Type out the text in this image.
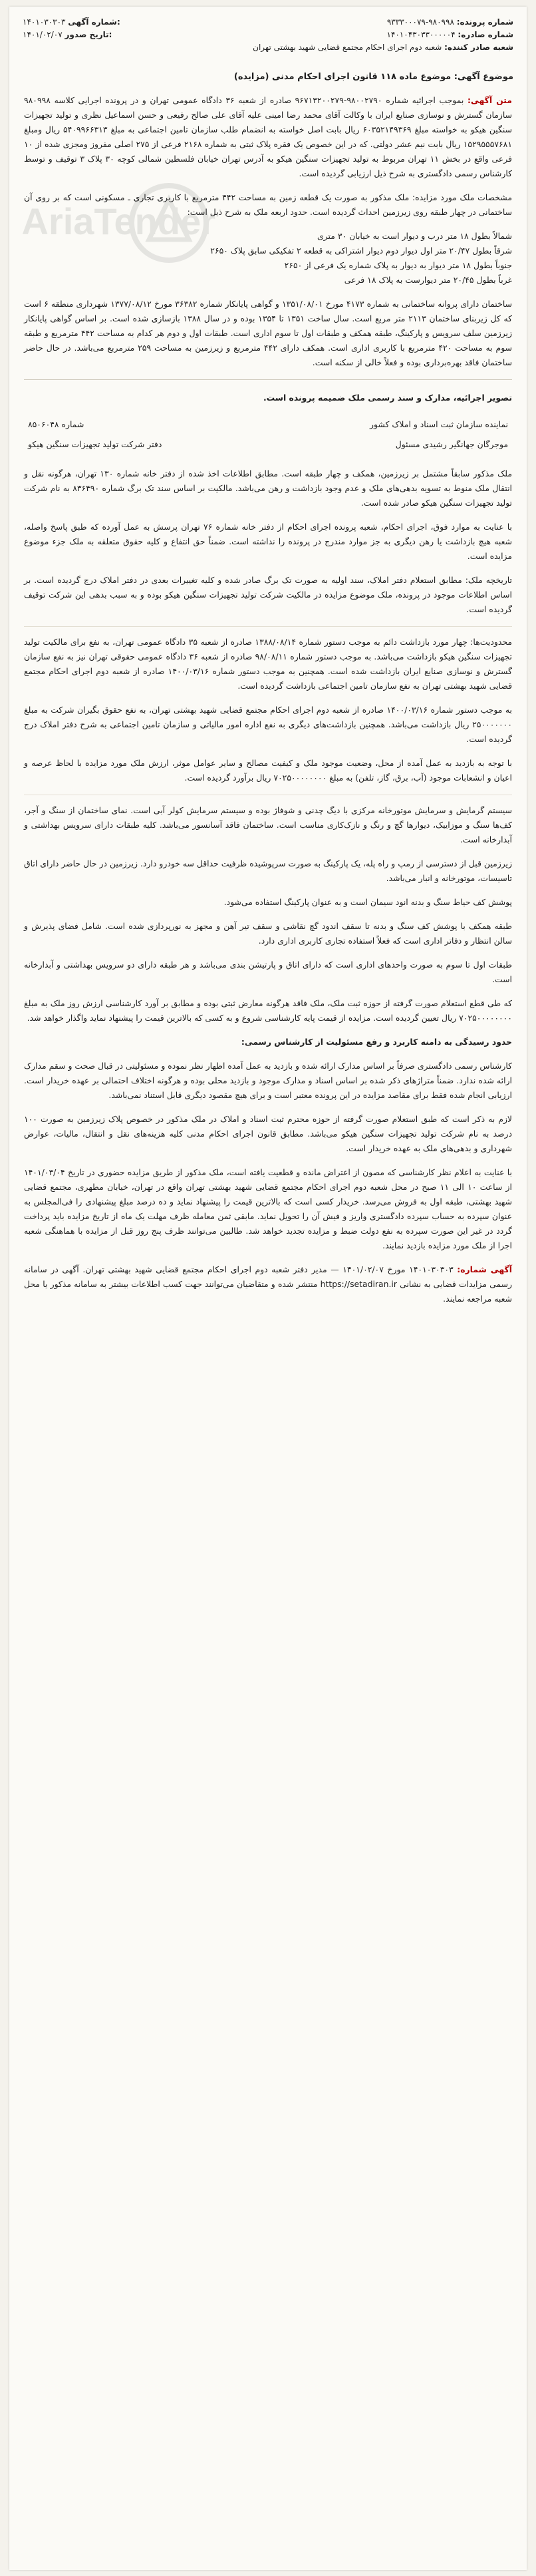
شماره پرونده: ۹۸۰۹۹۸-۹۳۳۳۰۰۰۷۹
شماره صادره: ۱۴۰۱۰۴۳۰۳۳۰۰۰۰۰۴
شعبه صادر کننده: شعبه دوم اجرای احکام مجتمع قضایی شهید بهشتی تهران
۱۴۰۱۰۳۰۳۰۳ شماره آگهی:
۱۴۰۱/۰۲/۰۷ تاریخ صدور:
موضوع آگهی: موضوع ماده ۱۱۸ قانون اجرای احکام مدنی (مزایده)
AriaTender

متن آگهی: بموجب اجرائیه شماره ۹۸۰۰۲۷۹۰-۹۶۷۱۳۲۰۰۲۷۹ صادره از شعبه ۳۶ دادگاه عمومی تهران و در پرونده اجرایی کلاسه ۹۸۰۹۹۸ سازمان گسترش و نوسازی صنایع ایران با وکالت آقای محمد رضا امینی علیه آقای علی صالح رفیعی و حسن اسماعیل نظری و تولید تجهیزات سنگین هیکو به خواسته مبلغ ۶۰۳۵۲۱۴۹۳۶۹ ریال بابت اصل خواسته به انضمام طلب سازمان تامین اجتماعی به مبلغ ۵۴۰۹۹۶۶۳۱۳ ریال ومبلغ ۱۵۲۹۵۵۵۷۶۸۱ ریال بابت نیم عشر دولتی. که در این خصوص یک فقره پلاک ثبتی به شماره ۲۱۶۸ فرعی از ۲۷۵ اصلی مفروز ومجزی شده از ۱۰ فرعی واقع در بخش ۱۱ تهران مربوط به تولید تجهیزات سنگین هیکو به آدرس تهران خیابان فلسطین شمالی کوچه ۳۰ پلاک ۳ توقیف و توسط کارشناس رسمی دادگستری به شرح ذیل ارزیابی گردیده است.

مشخصات ملک مورد مزایده: ملک مذکور به صورت یک قطعه زمین به مساحت ۴۴۲ مترمربع با کاربری تجاری ـ مسکونی است که بر روی آن ساختمانی در چهار طبقه روی زیرزمین احداث گردیده است. حدود اربعه ملک به شرح ذیل است:

شمالاً بطول ۱۸ متر درب و دیوار است به خیابان ۳۰ متری
شرقاً بطول ۲۰/۴۷ متر اول دیوار دوم دیوار اشتراکی به قطعه ۲ تفکیکی سابق پلاک ۲۶۵۰
جنوباً بطول ۱۸ متر دیوار به دیوار به پلاک شماره یک فرعی از ۲۶۵۰
غرباً بطول ۲۰/۴۵ متر دیوارست به پلاک ۱۸ فرعی

ساختمان دارای پروانه ساختمانی به شماره ۴۱۷۳ مورخ ۱۳۵۱/۰۸/۰۱ و گواهی پایانکار شماره ۳۶۳۸۲ مورخ ۱۳۷۷/۰۸/۱۲ شهرداری منطقه ۶ است که کل زیربنای ساختمان ۲۱۱۳ متر مربع است. سال ساخت ۱۳۵۱ تا ۱۳۵۴ بوده و در سال ۱۳۸۸ بازسازی شده است. بر اساس گواهی پایانکار زیرزمین سلف سرویس و پارکینگ، طبقه همکف و طبقات اول تا سوم اداری است. طبقات اول و دوم هر کدام به مساحت ۴۴۲ مترمربع و طبقه سوم به مساحت ۴۲۰ مترمربع با کاربری اداری است. همکف دارای ۴۴۲ مترمربع و زیرزمین به مساحت ۲۵۹ مترمربع می‌باشد. در حال حاضر ساختمان فاقد بهره‌برداری بوده و فعلاً خالی از سکنه است.

تصویر اجرائیه، مدارک و سند رسمی ملک ضمیمه پرونده است.

نماینده سازمان ثبت اسناد و املاک کشور	شماره ۸۵۰۶۰۴۸
موجرگان جهانگیر رشیدی مسئول	دفتر شرکت تولید تجهیزات سنگین هیکو

ملک مذکور سابقاً مشتمل بر زیرزمین، همکف و چهار طبقه است. مطابق اطلاعات اخذ شده از دفتر خانه شماره ۱۳۰ تهران، هرگونه نقل و انتقال ملک منوط به تسویه بدهی‌های ملک و عدم وجود بازداشت و رهن می‌باشد. مالکیت بر اساس سند تک برگ شماره ۸۳۶۴۹۰ به نام شرکت تولید تجهیزات سنگین هیکو صادر شده است.

با عنایت به موارد فوق، اجرای احکام، شعبه پرونده اجرای احکام از دفتر خانه شماره ۷۶ تهران پرسش به عمل آورده که طبق پاسخ واصله، شعبه هیچ بازداشت یا رهن دیگری به جز موارد مندرج در پرونده را نداشته است. ضمناً حق انتفاع و کلیه حقوق متعلقه به ملک جزء موضوع مزایده است.

تاریخچه ملک: مطابق استعلام دفتر املاک، سند اولیه به صورت تک برگ صادر شده و کلیه تغییرات بعدی در دفتر املاک درج گردیده است. بر اساس اطلاعات موجود در پرونده، ملک موضوع مزایده در مالکیت شرکت تولید تجهیزات سنگین هیکو بوده و به سبب بدهی این شرکت توقیف گردیده است.

محدودیت‌ها: چهار مورد بازداشت دائم به موجب دستور شماره ۱۳۸۸/۰۸/۱۴ صادره از شعبه ۳۵ دادگاه عمومی تهران، به نفع برای مالکیت تولید تجهیزات سنگین هیکو بازداشت می‌باشد. به موجب دستور شماره ۹۸/۰۸/۱۱ صادره از شعبه ۳۶ دادگاه عمومی حقوقی تهران نیز به نفع سازمان گسترش و نوسازی صنایع ایران بازداشت شده است. همچنین به موجب دستور شماره ۱۴۰۰/۰۳/۱۶ صادره از شعبه دوم اجرای احکام مجتمع قضایی شهید بهشتی تهران به نفع سازمان تامین اجتماعی بازداشت گردیده است.

به موجب دستور شماره ۱۴۰۰/۰۳/۱۶ صادره از شعبه دوم اجرای احکام مجتمع قضایی شهید بهشتی تهران، به نفع حقوق بگیران شرکت به مبلغ ۲۵۰۰۰۰۰۰۰ ریال بازداشت می‌باشد. همچنین بازداشت‌های دیگری به نفع اداره امور مالیاتی و سازمان تامین اجتماعی به شرح دفتر املاک درج گردیده است.

با توجه به بازدید به عمل آمده از محل، وضعیت موجود ملک و کیفیت مصالح و سایر عوامل موثر، ارزش ملک مورد مزایده با لحاظ عرصه و اعیان و انشعابات موجود (آب، برق، گاز، تلفن) به مبلغ ۷۰۲۵۰۰۰۰۰۰۰۰ ریال برآورد گردیده است.

سیستم گرمایش و سرمایش موتورخانه مرکزی با دیگ چدنی و شوفاژ بوده و سیستم سرمایش کولر آبی است. نمای ساختمان از سنگ و آجر، کف‌ها سنگ و موزاییک، دیوارها گچ و رنگ و نازک‌کاری مناسب است. ساختمان فاقد آسانسور می‌باشد. کلیه طبقات دارای سرویس بهداشتی و آبدارخانه است.

زیرزمین قبل از دسترسی از رمپ و راه پله، یک پارکینگ به صورت سرپوشیده ظرفیت حداقل سه خودرو دارد. زیرزمین در حال حاضر دارای اتاق تاسیسات، موتورخانه و انبار می‌باشد.

پوشش کف حیاط سنگ و بدنه انود سیمان است و به عنوان پارکینگ استفاده می‌شود.

طبقه همکف با پوشش کف سنگ و بدنه تا سقف اندود گچ نقاشی و سقف تیر آهن و مجهز به نورپردازی شده است. شامل فضای پذیرش و سالن انتظار و دفاتر اداری است که فعلاً استفاده تجاری کاربری اداری دارد.

طبقات اول تا سوم به صورت واحدهای اداری است که دارای اتاق و پارتیشن بندی می‌باشد و هر طبقه دارای دو سرویس بهداشتی و آبدارخانه است.

که طی قطع استعلام صورت گرفته از حوزه ثبت ملک، ملک فاقد هرگونه معارض ثبتی بوده و مطابق بر آورد کارشناسی ارزش روز ملک به مبلغ ۷۰۲۵۰۰۰۰۰۰۰۰ ریال تعیین گردیده است. مزایده از قیمت پایه کارشناسی شروع و به کسی که بالاترین قیمت را پیشنهاد نماید واگذار خواهد شد.

حدود رسیدگی به دامنه کاربرد و رفع مسئولیت از کارشناس رسمی:

کارشناس رسمی دادگستری صرفاً بر اساس مدارک ارائه شده و بازدید به عمل آمده اظهار نظر نموده و مسئولیتی در قبال صحت و سقم مدارک ارائه شده ندارد. ضمناً متراژهای ذکر شده بر اساس اسناد و مدارک موجود و بازدید محلی بوده و هرگونه اختلاف احتمالی بر عهده خریدار است. ارزیابی انجام شده فقط برای مقاصد مزایده در این پرونده معتبر است و برای هیچ مقصود دیگری قابل استناد نمی‌باشد.

لازم به ذکر است که طبق استعلام صورت گرفته از حوزه محترم ثبت اسناد و املاک در ملک مذکور در خصوص پلاک زیرزمین به صورت ۱۰۰ درصد به نام شرکت تولید تجهیزات سنگین هیکو می‌باشد. مطابق قانون اجرای احکام مدنی کلیه هزینه‌های نقل و انتقال، مالیات، عوارض شهرداری و بدهی‌های ملک به عهده خریدار است.

با عنایت به اعلام نظر کارشناسی که مصون از اعتراض مانده و قطعیت یافته است، ملک مذکور از طریق مزایده حضوری در تاریخ ۱۴۰۱/۰۳/۰۴ از ساعت ۱۰ الی ۱۱ صبح در محل شعبه دوم اجرای احکام مجتمع قضایی شهید بهشتی تهران واقع در تهران، خیابان مطهری، مجتمع قضایی شهید بهشتی، طبقه اول به فروش می‌رسد. خریدار کسی است که بالاترین قیمت را پیشنهاد نماید و ده درصد مبلغ پیشنهادی را فی‌المجلس به عنوان سپرده به حساب سپرده دادگستری واریز و فیش آن را تحویل نماید. مابقی ثمن معامله ظرف مهلت یک ماه از تاریخ مزایده باید پرداخت گردد در غیر این صورت سپرده به نفع دولت ضبط و مزایده تجدید خواهد شد. طالبین می‌توانند ظرف پنج روز قبل از مزایده با هماهنگی شعبه اجرا از ملک مورد مزایده بازدید نمایند.

آگهی شماره: ۱۴۰۱۰۳۰۳۰۳ مورخ ۱۴۰۱/۰۲/۰۷ — مدیر دفتر شعبه دوم اجرای احکام مجتمع قضایی شهید بهشتی تهران. آگهی در سامانه رسمی مزایدات قضایی به نشانی https://setadiran.ir منتشر شده و متقاضیان می‌توانند جهت کسب اطلاعات بیشتر به سامانه مذکور یا محل شعبه مراجعه نمایند.
